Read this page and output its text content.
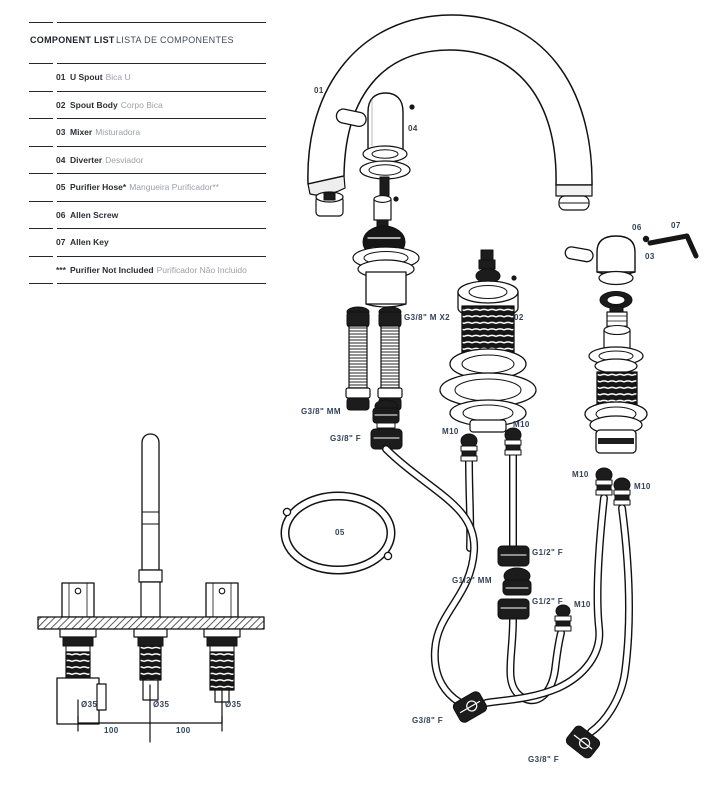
COMPONENT LIST LISTA DE COMPONENTES
01 U Spout Bica U
02 Spout Body Corpo Bica
03 Mixer Misturadora
04 Diverter Desviador
05 Purifier Hose* Mangueira Purificador**
06 Allen Screw
07 Allen Key
*** Purifier Not Included Purificador Não Incluido
01
04
G3/8" M X2	02
06	07
03
G3/8" MM
G3/8" F
05
M10
M10
G1/2" F
G1/2" MM
G1/2" F M10
M10
M10
G3/8" F
G3/8" F
Ø35	Ø35	Ø35
100	100
